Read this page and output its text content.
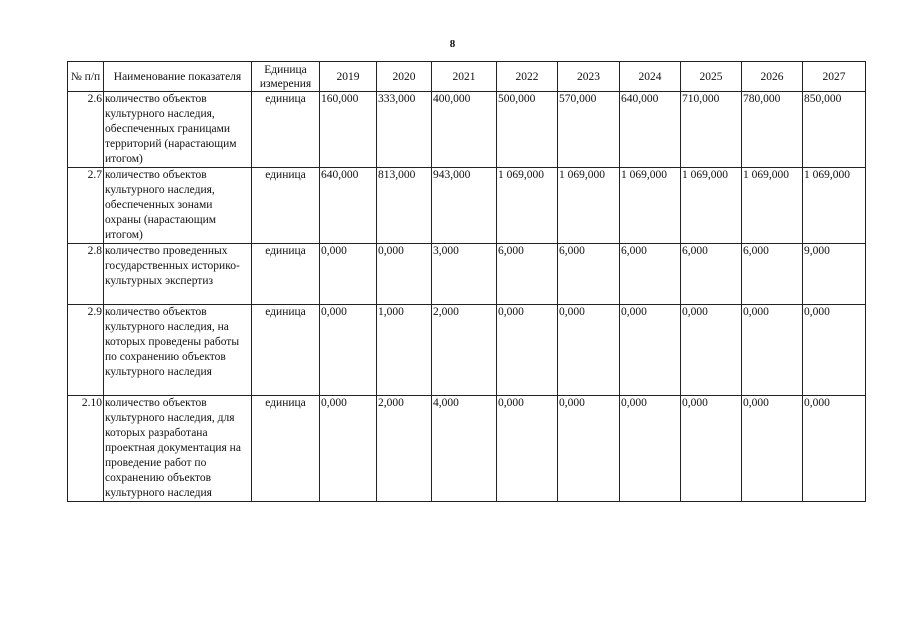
8
№ п/п	Наименование показателя	Единица измерения	2019	2020	2021	2022	2023	2024	2025	2026	2027
2.6	количество объектов культурного наследия, обеспеченных границами территорий (нарастающим итогом)	единица	160,000	333,000	400,000	500,000	570,000	640,000	710,000	780,000	850,000
2.7	количество объектов культурного наследия, обеспеченных зонами охраны (нарастающим итогом)	единица	640,000	813,000	943,000	1 069,000	1 069,000	1 069,000	1 069,000	1 069,000	1 069,000
2.8	количество проведенных государственных историко-культурных экспертиз	единица	0,000	0,000	3,000	6,000	6,000	6,000	6,000	6,000	9,000
2.9	количество объектов культурного наследия, на которых проведены работы по сохранению объектов культурного наследия	единица	0,000	1,000	2,000	0,000	0,000	0,000	0,000	0,000	0,000
2.10	количество объектов культурного наследия, для которых разработана проектная документация на проведение работ по сохранению объектов культурного наследия	единица	0,000	2,000	4,000	0,000	0,000	0,000	0,000	0,000	0,000
